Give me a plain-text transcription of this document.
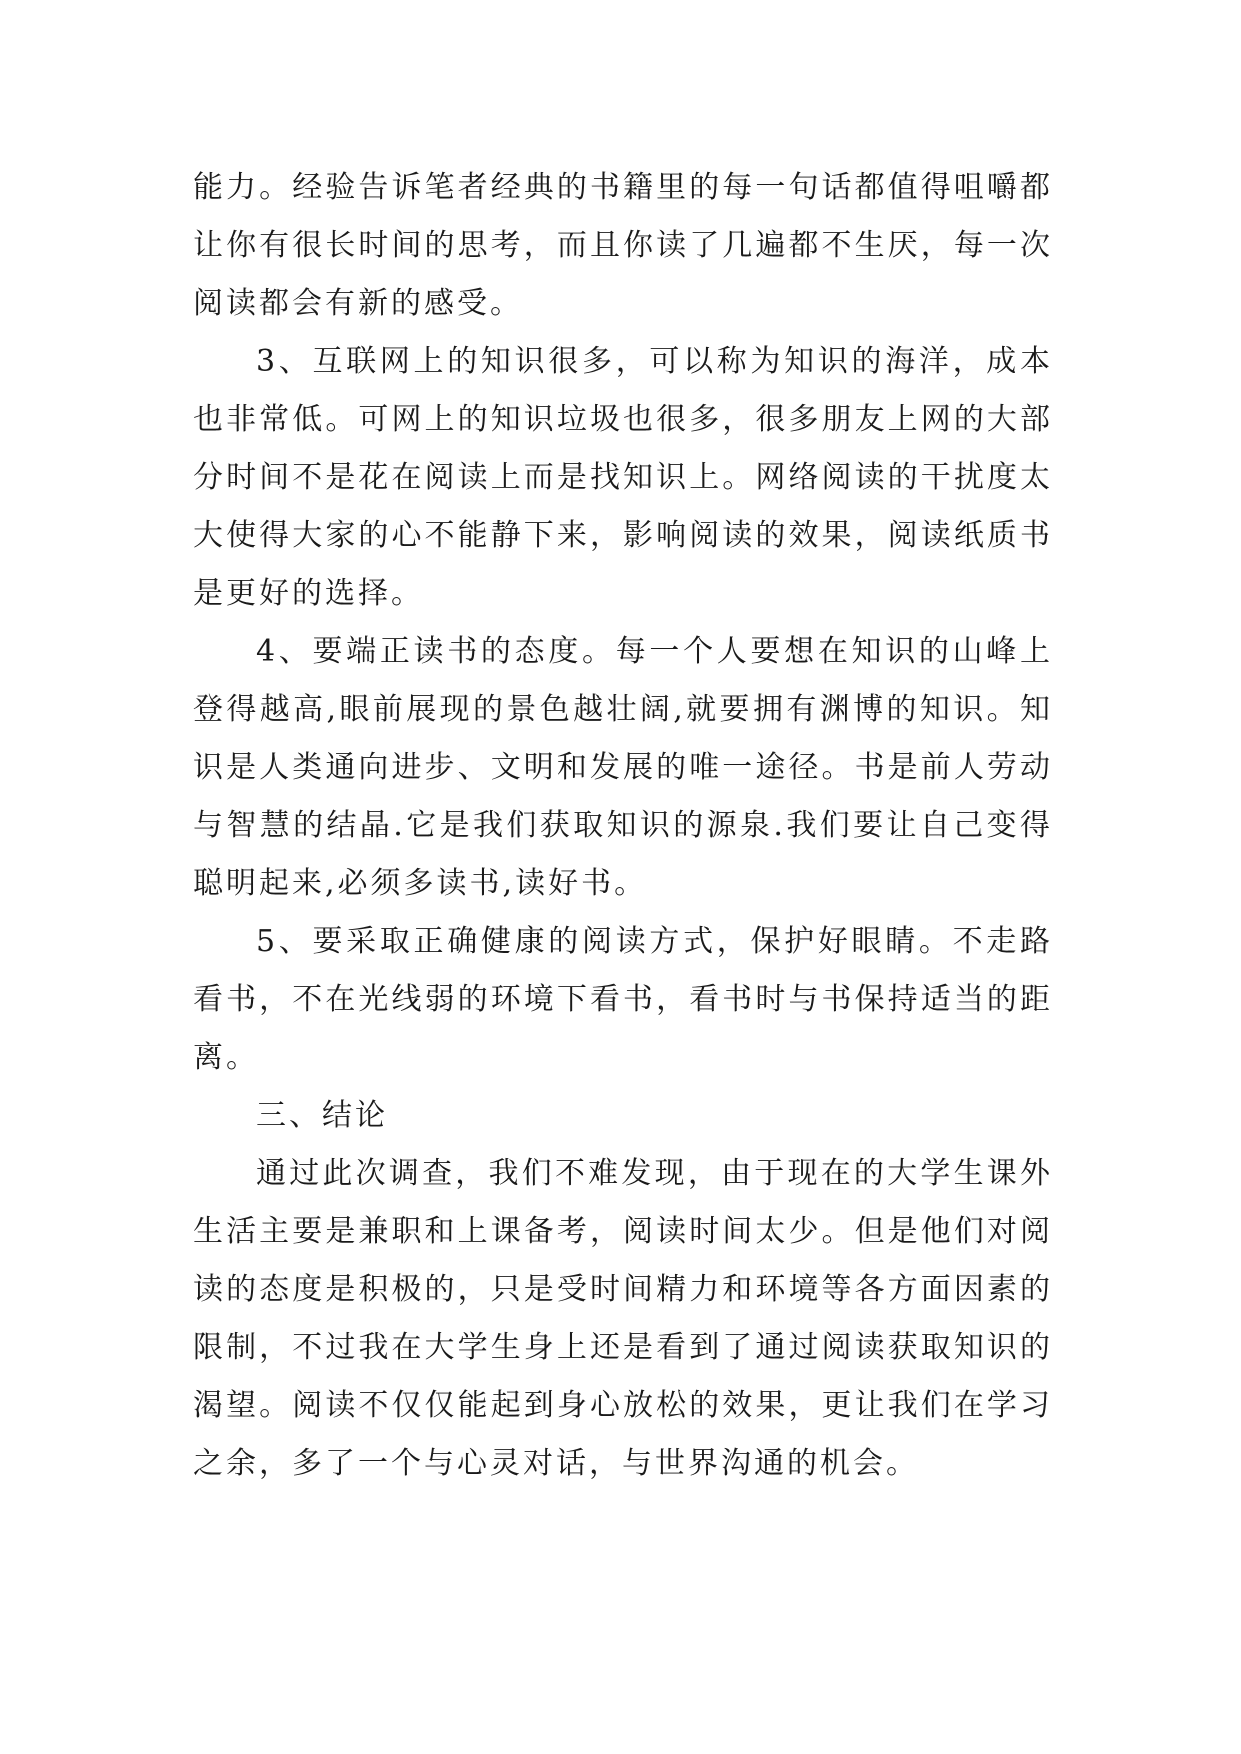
能力。经验告诉笔者经典的书籍里的每一句话都值得咀嚼都让你有很长时间的思考，而且你读了几遍都不生厌，每一次阅读都会有新的感受。

3、互联网上的知识很多，可以称为知识的海洋，成本也非常低。可网上的知识垃圾也很多，很多朋友上网的大部分时间不是花在阅读上而是找知识上。网络阅读的干扰度太大使得大家的心不能静下来，影响阅读的效果，阅读纸质书是更好的选择。

4、要端正读书的态度。每一个人要想在知识的山峰上登得越高,眼前展现的景色越壮阔,就要拥有渊博的知识。知识是人类通向进步、文明和发展的唯一途径。书是前人劳动与智慧的结晶.它是我们获取知识的源泉.我们要让自己变得聪明起来,必须多读书,读好书。

5、要采取正确健康的阅读方式，保护好眼睛。不走路看书，不在光线弱的环境下看书，看书时与书保持适当的距离。

三、结论

通过此次调查，我们不难发现，由于现在的大学生课外生活主要是兼职和上课备考，阅读时间太少。但是他们对阅读的态度是积极的，只是受时间精力和环境等各方面因素的限制，不过我在大学生身上还是看到了通过阅读获取知识的渴望。阅读不仅仅能起到身心放松的效果，更让我们在学习之余，多了一个与心灵对话，与世界沟通的机会。
